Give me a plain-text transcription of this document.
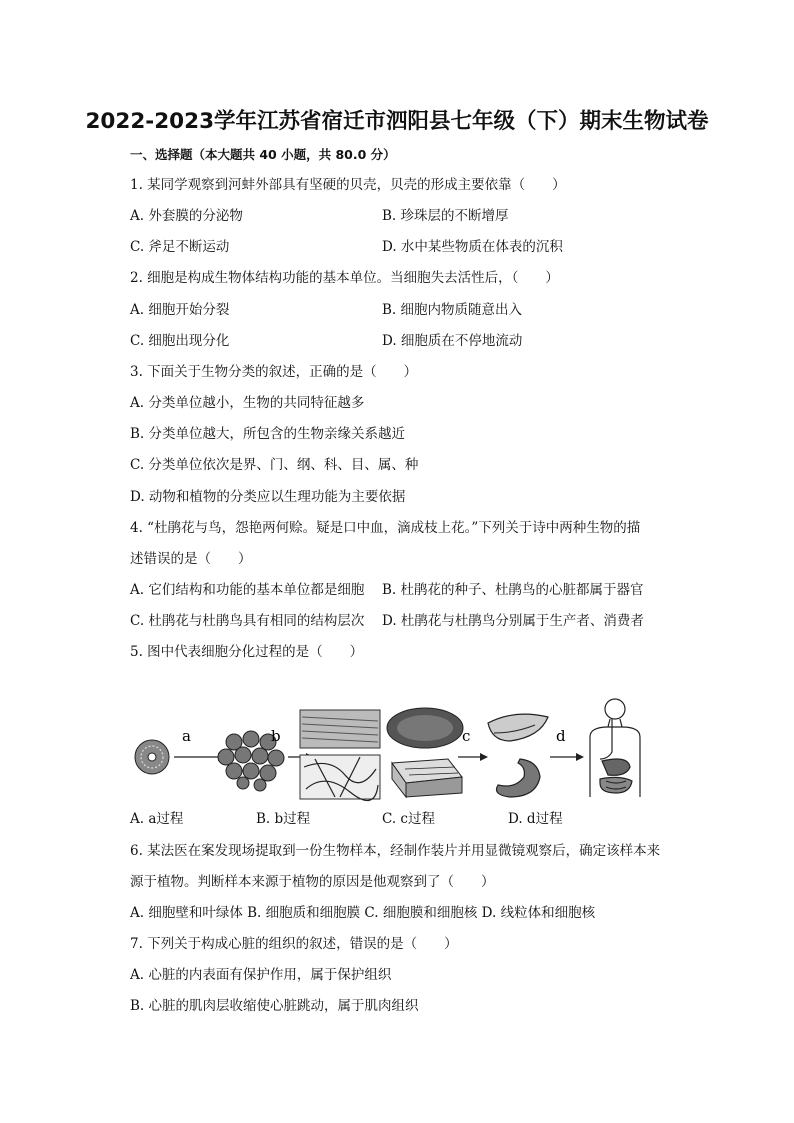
2022-2023学年江苏省宿迁市泗阳县七年级（下）期末生物试卷
一、选择题（本大题共 40 小题，共 80.0 分）
1. 某同学观察到河蚌外部具有坚硬的贝壳，贝壳的形成主要依靠（　　）
A. 外套膜的分泌物	B. 珍珠层的不断增厚
C. 斧足不断运动	D. 水中某些物质在体表的沉积
2. 细胞是构成生物体结构功能的基本单位。当细胞失去活性后，（　　）
A. 细胞开始分裂	B. 细胞内物质随意出入
C. 细胞出现分化	D. 细胞质在不停地流动
3. 下面关于生物分类的叙述，正确的是（　　）
A. 分类单位越小，生物的共同特征越多
B. 分类单位越大，所包含的生物亲缘关系越近
C. 分类单位依次是界、门、纲、科、目、属、种
D. 动物和植物的分类应以生理功能为主要依据
4. “杜鹃花与鸟，怨艳两何赊。疑是口中血，滴成枝上花。”下列关于诗中两种生物的描
述错误的是（　　）
A. 它们结构和功能的基本单位都是细胞 B. 杜鹃花的种子、杜鹃鸟的心脏都属于器官
C. 杜鹃花与杜鹃鸟具有相同的结构层次 D. 杜鹃花与杜鹃鸟分别属于生产者、消费者
5. 图中代表细胞分化过程的是（　　）
a	b	c	d
A. a过程	B. b过程	C. c过程	D. d过程
6. 某法医在案发现场提取到一份生物样本，经制作装片并用显微镜观察后，确定该样本来
源于植物。判断样本来源于植物的原因是他观察到了（　　）
A. 细胞壁和叶绿体 B. 细胞质和细胞膜 C. 细胞膜和细胞核 D. 线粒体和细胞核
7. 下列关于构成心脏的组织的叙述，错误的是（　　）
A. 心脏的内表面有保护作用，属于保护组织
B. 心脏的肌肉层收缩使心脏跳动，属于肌肉组织
